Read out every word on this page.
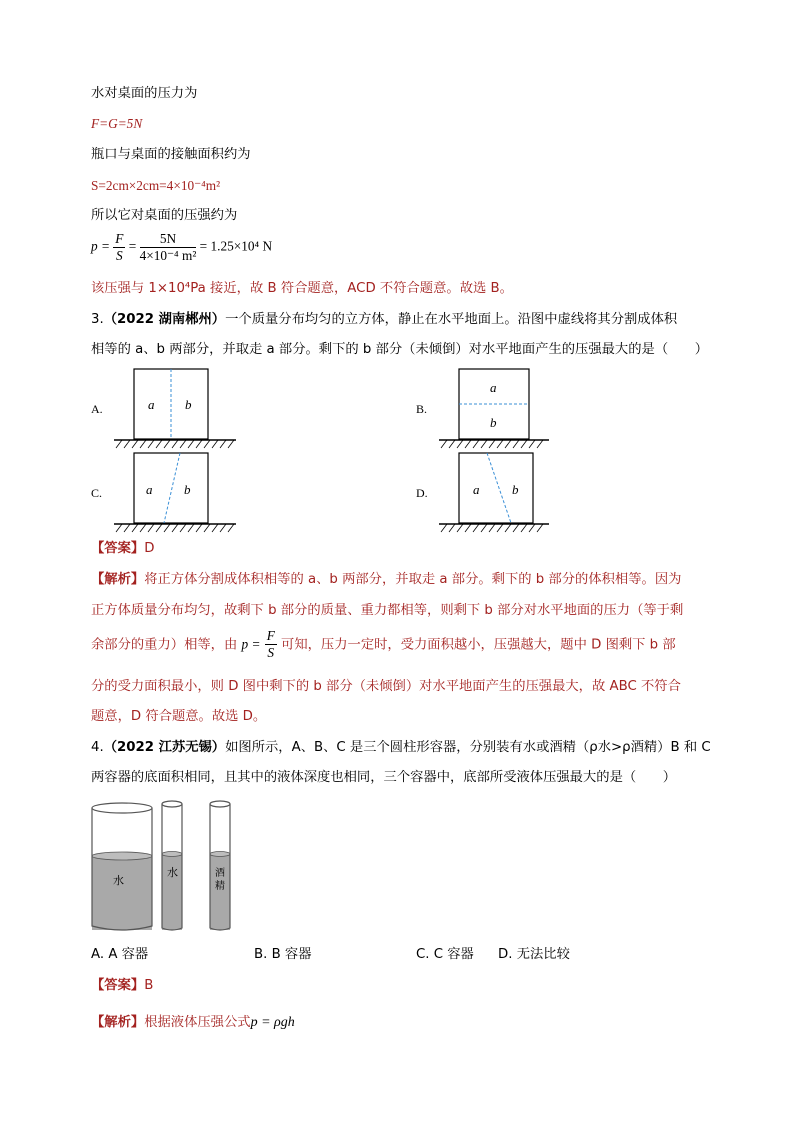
水对桌面的压力为
F=G=5N
瓶口与桌面的接触面积约为
S=2cm×2cm=4×10⁻⁴m²
所以它对桌面的压强约为
$p = \frac{F}{S} = \frac{5N}{\text{4×10⁻⁴ m²}} = 1.25\times 10^4$ N
该压强与 1×10⁴Pa 接近，故 B 符合题意，ACD 不符合题意。故选 B。
3.（2022 湖南郴州）一个质量分布均匀的立方体，静止在水平地面上。沿图中虚线将其分割成体积
相等的 a、b 两部分，并取走 a 部分。剩下的 b 部分（未倾倒）对水平地面产生的压强最大的是（　　）
A.	B.
C.	D.
a b
a
b
a b	a	b
【答案】D
【解析】将正方体分割成体积相等的 a、b 两部分，并取走 a 部分。剩下的 b 部分的体积相等。因为
正方体质量分布均匀，故剩下 b 部分的质量、重力都相等，则剩下 b 部分对水平地面的压力（等于剩
余部分的重力）相等，由 $p = \frac{F}{S}$ 可知，压力一定时，受力面积越小，压强越大，题中 D 图剩下 b 部
分的受力面积最小，则 D 图中剩下的 b 部分（未倾倒）对水平地面产生的压强最大，故 ABC 不符合
题意，D 符合题意。故选 D。
4.（2022 江苏无锡）如图所示，A、B、C 是三个圆柱形容器，分别装有水或酒精（ρ水>ρ酒精）B 和 C
两容器的底面积相同，且其中的液体深度也相同，三个容器中，底部所受液体压强最大的是（　　）
水
水	酒
精
A. A 容器	B. B 容器	C. C 容器 D. 无法比较
【答案】B
【解析】根据液体压强公式p = ρgh
